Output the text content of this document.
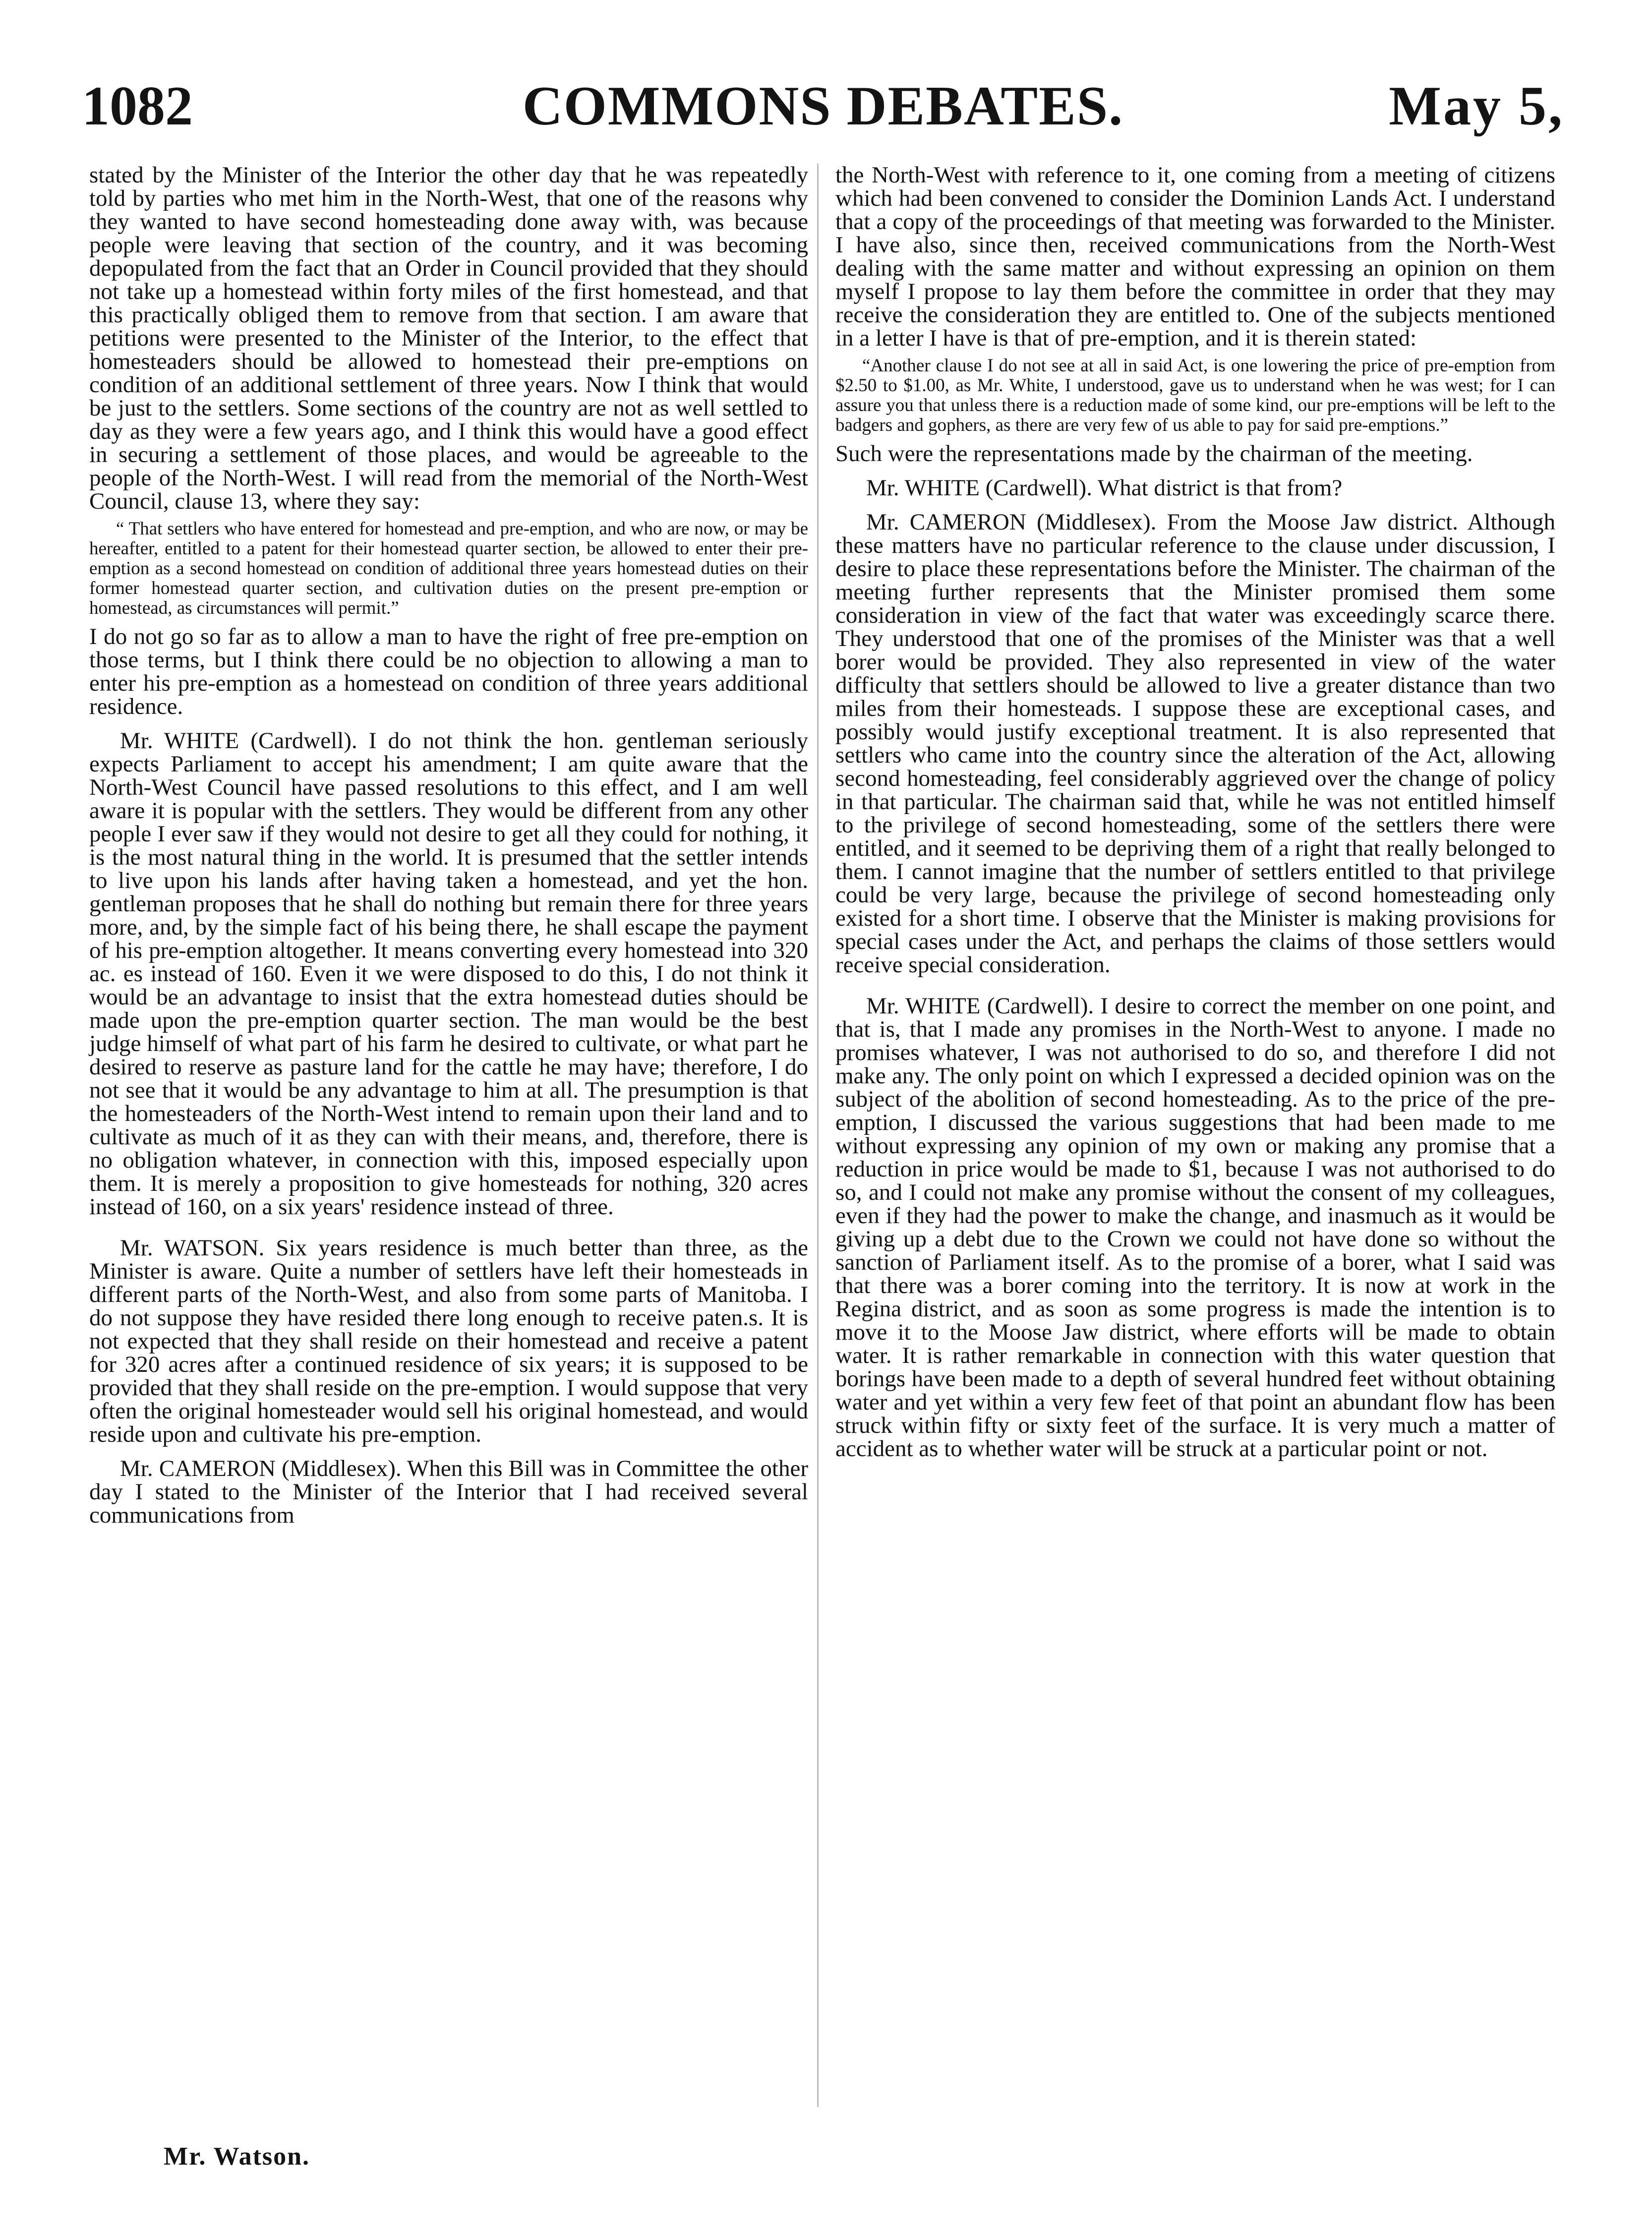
1082	COMMONS DEBATES.	May 5,

stated by the Minister of the Interior the other day that he was repeatedly told by parties who met him in the North-West, that one of the reasons why they wanted to have second homesteading done away with, was because people were leaving that section of the country, and it was becoming depopulated from the fact that an Order in Council provided that they should not take up a homestead within forty miles of the first homestead, and that this practically obliged them to remove from that section. I am aware that petitions were presented to the Minister of the Interior, to the effect that homesteaders should be allowed to homestead their pre-emptions on condition of an additional settlement of three years. Now I think that would be just to the settlers. Some sections of the country are not as well settled to day as they were a few years ago, and I think this would have a good effect in securing a settlement of those places, and would be agreeable to the people of the North-West. I will read from the memorial of the North-West Council, clause 13, where they say:

“ That settlers who have entered for homestead and pre-emption, and who are now, or may be hereafter, entitled to a patent for their homestead quarter section, be allowed to enter their pre-emption as a second homestead on condition of additional three years homestead duties on their former homestead quarter section, and cultivation duties on the present pre-emption or homestead, as circumstances will permit.”

I do not go so far as to allow a man to have the right of free pre-emption on those terms, but I think there could be no objection to allowing a man to enter his pre-emption as a homestead on condition of three years additional residence.

Mr. WHITE (Cardwell). I do not think the hon. gentleman seriously expects Parliament to accept his amendment; I am quite aware that the North-West Council have passed resolutions to this effect, and I am well aware it is popular with the settlers. They would be different from any other people I ever saw if they would not desire to get all they could for nothing, it is the most natural thing in the world. It is presumed that the settler intends to live upon his lands after having taken a homestead, and yet the hon. gentleman proposes that he shall do nothing but remain there for three years more, and, by the simple fact of his being there, he shall escape the payment of his pre-emption altogether. It means converting every homestead into 320 ac. es instead of 160. Even it we were disposed to do this, I do not think it would be an advantage to insist that the extra homestead duties should be made upon the pre-emption quarter section. The man would be the best judge himself of what part of his farm he desired to cultivate, or what part he desired to reserve as pasture land for the cattle he may have; therefore, I do not see that it would be any advantage to him at all. The presumption is that the homesteaders of the North-West intend to remain upon their land and to cultivate as much of it as they can with their means, and, therefore, there is no obligation whatever, in connection with this, imposed especially upon them. It is merely a proposition to give homesteads for nothing, 320 acres instead of 160, on a six years' residence instead of three.

Mr. WATSON. Six years residence is much better than three, as the Minister is aware. Quite a number of settlers have left their homesteads in different parts of the North-West, and also from some parts of Manitoba. I do not suppose they have resided there long enough to receive paten.s. It is not expected that they shall reside on their homestead and receive a patent for 320 acres after a continued residence of six years; it is supposed to be provided that they shall reside on the pre-emption. I would suppose that very often the original homesteader would sell his original homestead, and would reside upon and cultivate his pre-emption.

Mr. CAMERON (Middlesex). When this Bill was in Committee the other day I stated to the Minister of the Interior that I had received several communications from

the North-West with reference to it, one coming from a meeting of citizens which had been convened to consider the Dominion Lands Act. I understand that a copy of the proceedings of that meeting was forwarded to the Minister. I have also, since then, received communications from the North-West dealing with the same matter and without expressing an opinion on them myself I propose to lay them before the committee in order that they may receive the consideration they are entitled to. One of the subjects mentioned in a letter I have is that of pre-emption, and it is therein stated:

“Another clause I do not see at all in said Act, is one lowering the price of pre-emption from $2.50 to $1.00, as Mr. White, I understood, gave us to understand when he was west; for I can assure you that unless there is a reduction made of some kind, our pre-emptions will be left to the badgers and gophers, as there are very few of us able to pay for said pre-emptions.”

Such were the representations made by the chairman of the meeting.

Mr. WHITE (Cardwell). What district is that from?

Mr. CAMERON (Middlesex). From the Moose Jaw district. Although these matters have no particular reference to the clause under discussion, I desire to place these representations before the Minister. The chairman of the meeting further represents that the Minister promised them some consideration in view of the fact that water was exceedingly scarce there. They understood that one of the promises of the Minister was that a well borer would be provided. They also represented in view of the water difficulty that settlers should be allowed to live a greater distance than two miles from their homesteads. I suppose these are exceptional cases, and possibly would justify exceptional treatment. It is also represented that settlers who came into the country since the alteration of the Act, allowing second homesteading, feel considerably aggrieved over the change of policy in that particular. The chairman said that, while he was not entitled himself to the privilege of second homesteading, some of the settlers there were entitled, and it seemed to be depriving them of a right that really belonged to them. I cannot imagine that the number of settlers entitled to that privilege could be very large, because the privilege of second homesteading only existed for a short time. I observe that the Minister is making provisions for special cases under the Act, and perhaps the claims of those settlers would receive special consideration.

Mr. WHITE (Cardwell). I desire to correct the member on one point, and that is, that I made any promises in the North-West to anyone. I made no promises whatever, I was not authorised to do so, and therefore I did not make any. The only point on which I expressed a decided opinion was on the subject of the abolition of second homesteading. As to the price of the pre-emption, I discussed the various suggestions that had been made to me without expressing any opinion of my own or making any promise that a reduction in price would be made to $1, because I was not authorised to do so, and I could not make any promise without the consent of my colleagues, even if they had the power to make the change, and inasmuch as it would be giving up a debt due to the Crown we could not have done so without the sanction of Parliament itself. As to the promise of a borer, what I said was that there was a borer coming into the territory. It is now at work in the Regina district, and as soon as some progress is made the intention is to move it to the Moose Jaw district, where efforts will be made to obtain water. It is rather remarkable in connection with this water question that borings have been made to a depth of several hundred feet without obtaining water and yet within a very few feet of that point an abundant flow has been struck within fifty or sixty feet of the surface. It is very much a matter of accident as to whether water will be struck at a particular point or not.

Mr. Watson.
